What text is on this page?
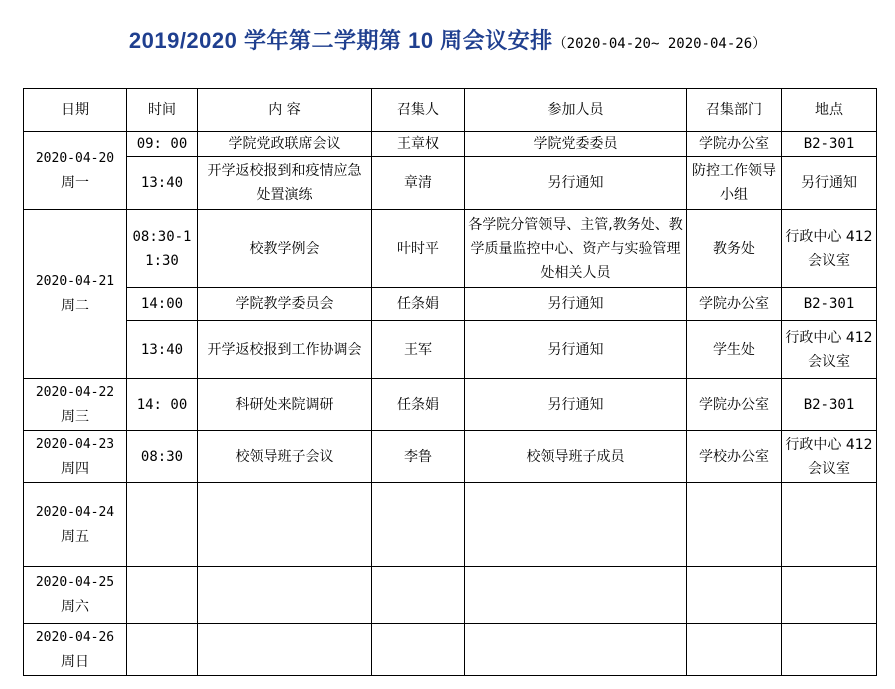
2019/2020 学年第二学期第 10 周会议安排（2020-04-20~ 2020-04-26）
日期	时间	内 容	召集人	参加人员	召集部门	地点

2020-04-20
周一	09: 00	学院党政联席会议	王章权	学院党委委员	学院办公室	B2-301
	13:40	开学返校报到和疫情应急处置演练	章清	另行通知	防控工作领导小组	另行通知

2020-04-21
周二	08:30-11:30	校教学例会	叶时平	各学院分管领导、主管,教务处、教学质量监控中心、资产与实验管理处相关人员	教务处	行政中心 412 会议室
	14:00	学院教学委员会	任条娟	另行通知	学院办公室	B2-301
	13:40	开学返校报到工作协调会	王军	另行通知	学生处	行政中心 412 会议室

2020-04-22
周三	14: 00	科研处来院调研	任条娟	另行通知	学院办公室	B2-301

2020-04-23
周四	08:30	校领导班子会议	李鲁	校领导班子成员	学校办公室	行政中心 412 会议室

2020-04-24
周五						

2020-04-25
周六						

2020-04-26
周日						
